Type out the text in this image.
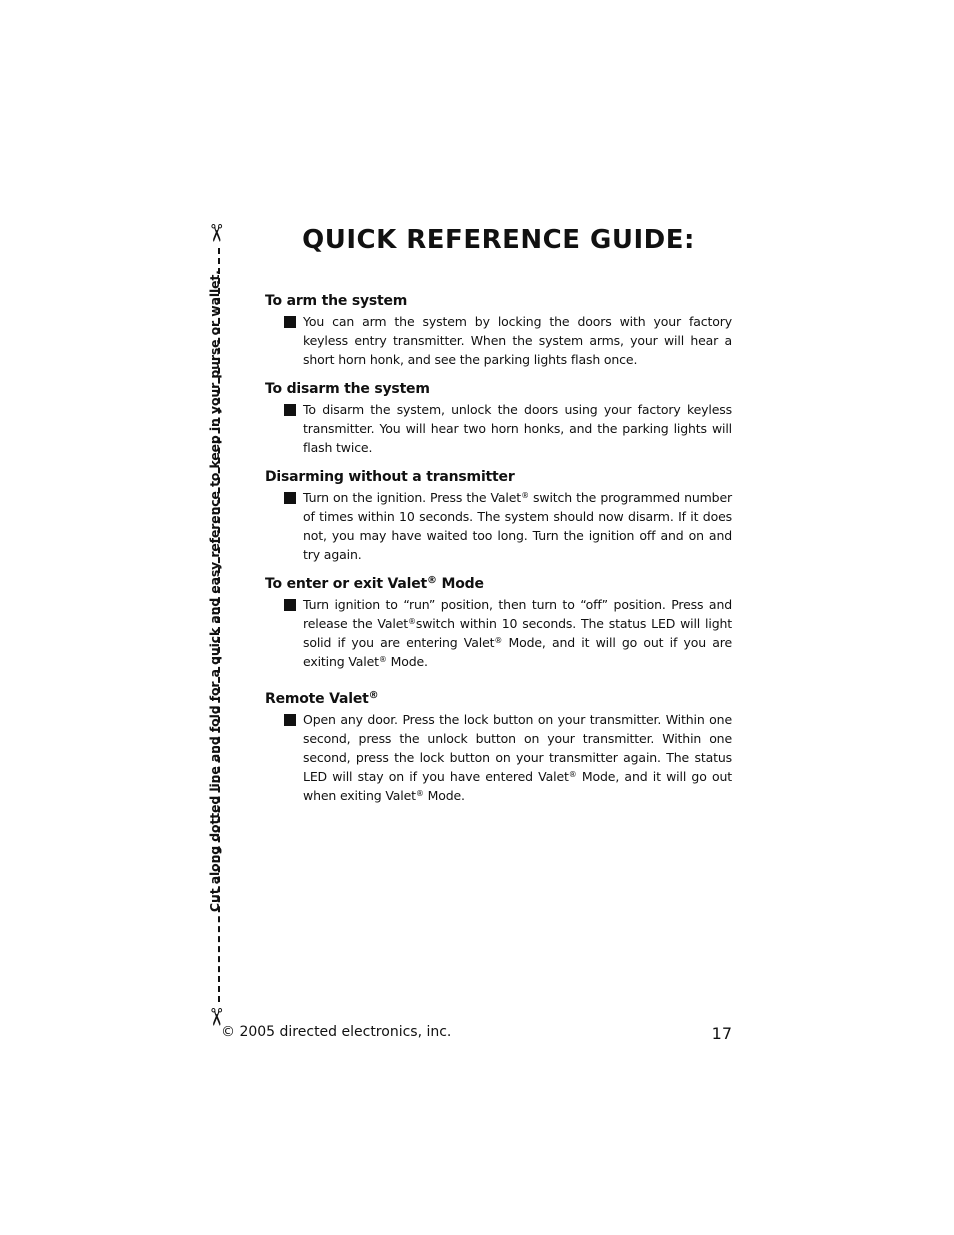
QUICK REFERENCE GUIDE:
✂
✂
Cut along dotted line and fold for a quick and easy reference to keep in your purse or wallet.	To arm the system
You can arm the system by locking the doors with your factory keyless entry transmitter. When the system arms, your will hear a short horn honk, and see the parking lights flash once.
To disarm the system
To disarm the system, unlock the doors using your factory keyless transmitter. You will hear two horn honks, and the parking lights will flash twice.
Disarming without a transmitter
Turn on the ignition. Press the Valet® switch the programmed number of times within 10 seconds. The system should now disarm. If it does not, you may have waited too long. Turn the ignition off and on and try again.
To enter or exit Valet® Mode
Turn ignition to “run” position, then turn to “off” position. Press and release the Valet®switch within 10 seconds. The status LED will light solid if you are entering Valet® Mode, and it will go out if you are exiting Valet® Mode.
Remote Valet®
Open any door. Press the lock button on your transmitter. Within one second, press the unlock button on your transmitter. Within one second, press the lock button on your transmitter again. The status LED will stay on if you have entered Valet® Mode, and it will go out when exiting Valet® Mode.
© 2005 directed electronics, inc.	17
